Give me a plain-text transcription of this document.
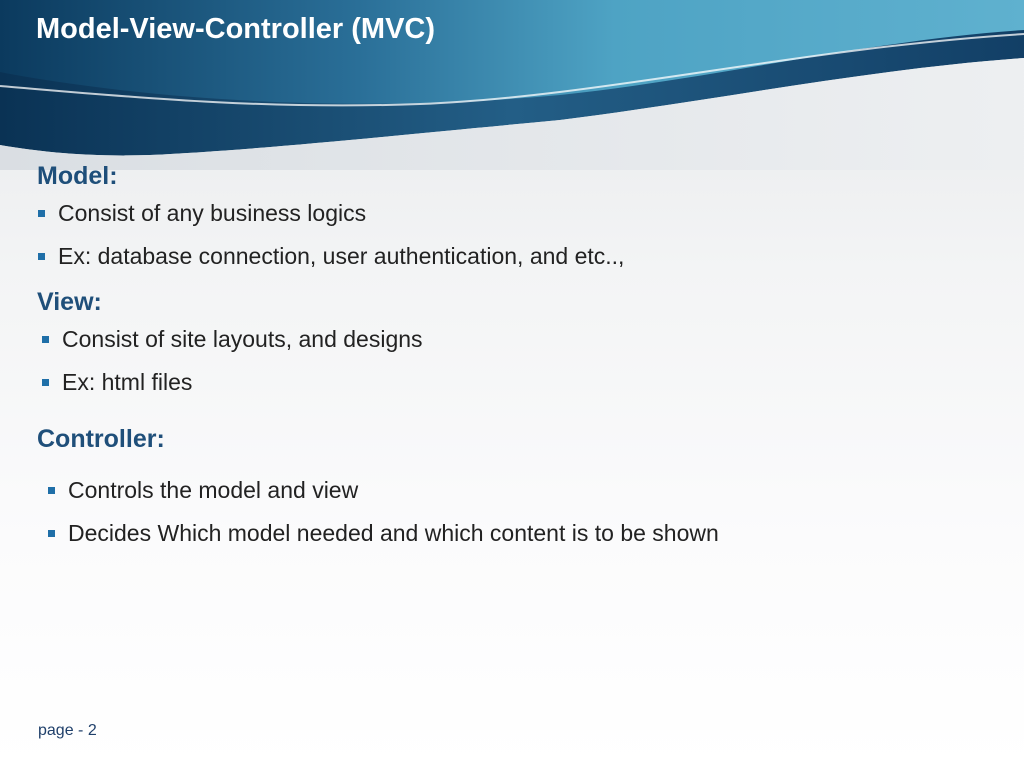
Model-View-Controller (MVC)
Model:
Consist of any business logics
Ex: database connection, user authentication, and etc..,
View:
Consist of site layouts, and designs
Ex: html files
Controller:
Controls the model and view
Decides Which model needed and which content is to be shown

page - 2
